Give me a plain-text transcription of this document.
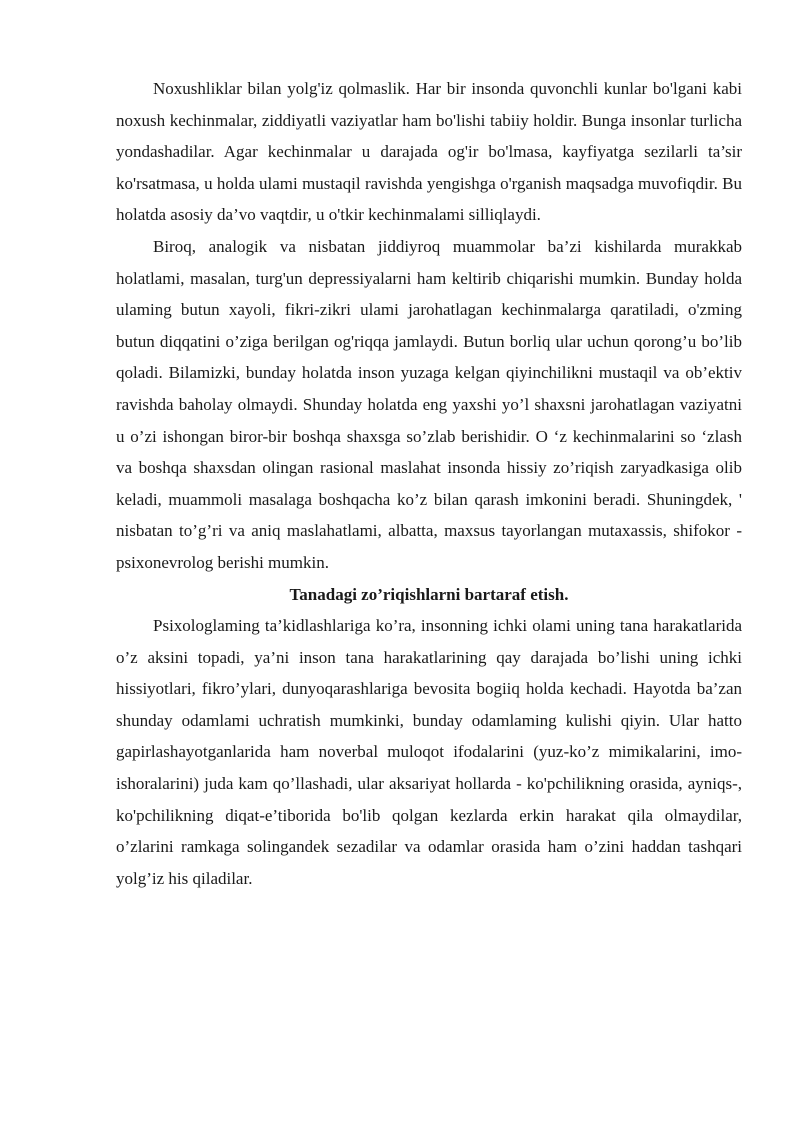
Noxushliklar bilan yolg'iz qolmaslik. Har bir insonda quvonchli kunlar bo'lgani kabi noxush kechinmalar, ziddiyatli vaziyatlar ham bo'lishi tabiiy holdir. Bunga insonlar turlicha yondashadilar. Agar kechinmalar u darajada og'ir bo'lmasa, kayfiyatga sezilarli ta’sir ko'rsatmasa, u holda ulami mustaqil ravishda yengishga o'rganish maqsadga muvofiqdir. Bu holatda asosiy da’vo vaqtdir, u o'tkir kechinmalami silliqlaydi.

Biroq, analogik va nisbatan jiddiyroq muammolar ba’zi kishilarda murakkab holatlami, masalan, turg'un depressiyalarni ham keltirib chiqarishi mumkin. Bunday holda ulaming butun xayoli, fikri-zikri ulami jarohatlagan kechinmalarga qaratiladi, o'zming butun diqqatini o’ziga berilgan og'riqqa jamlaydi. Butun borliq ular uchun qorong’u bo’lib qoladi. Bilamizki, bunday holatda inson yuzaga kelgan qiyinchilikni mustaqil va ob’ektiv ravishda baholay olmaydi. Shunday holatda eng yaxshi yo’l shaxsni jarohatlagan vaziyatni u o’zi ishongan biror-bir boshqa shaxsga so’zlab berishidir. O ‘z kechinmalarini so ‘zlash va boshqa shaxsdan olingan rasional maslahat insonda hissiy zo’riqish zaryadkasiga olib keladi, muammoli masalaga boshqacha ko’z bilan qarash imkonini beradi. Shuningdek, ' nisbatan to’g’ri va aniq maslahatlami, albatta, maxsus tayorlangan mutaxassis, shifokor - psixonevrolog berishi mumkin.

Tanadagi zo’riqishlarni bartaraf etish.

Psixologlaming ta’kidlashlariga ko’ra, insonning ichki olami uning tana harakatlarida o’z aksini topadi, ya’ni inson tana harakatlarining qay darajada bo’lishi uning ichki hissiyotlari, fikro’ylari, dunyoqarashlariga bevosita bogiiq holda kechadi. Hayotda ba’zan shunday odamlami uchratish mumkinki, bunday odamlaming kulishi qiyin. Ular hatto gapirlashayotganlarida ham noverbal muloqot ifodalarini (yuz-ko’z mimikalarini, imo-ishoralarini) juda kam qo’llashadi, ular aksariyat hollarda - ko'pchilikning orasida, ayniqs-, ko'pchilikning diqat-e’tiborida bo'lib qolgan kezlarda erkin harakat qila olmaydilar, o’zlarini ramkaga solingandek sezadilar va odamlar orasida ham o’zini haddan tashqari yolg’iz his qiladilar.
